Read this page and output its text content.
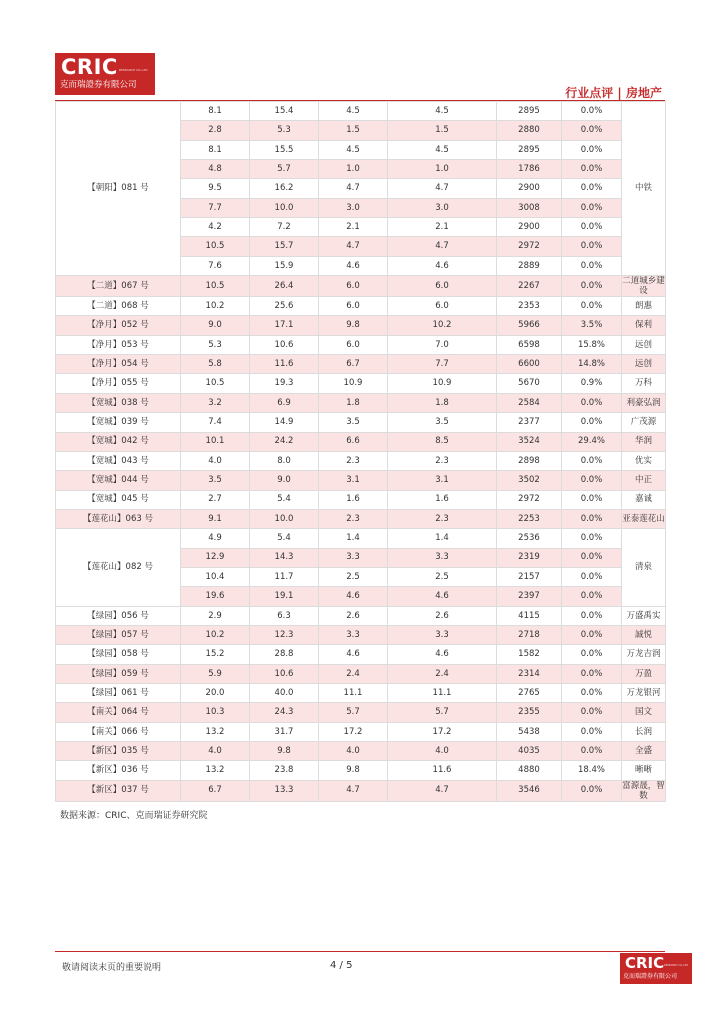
CRIC RESEARCH CO.,LTD
克而瑞證券有限公司
行业点评 | 房地产
【朝阳】081 号	8.1	15.4	4.5	4.5	2895	0.0%	中铁	
	2.8	5.3	1.5	1.5	2880	0.0%		
	8.1	15.5	4.5	4.5	2895	0.0%		
	4.8	5.7	1.0	1.0	1786	0.0%		
	9.5	16.2	4.7	4.7	2900	0.0%		
	7.7	10.0	3.0	3.0	3008	0.0%		
	4.2	7.2	2.1	2.1	2900	0.0%		
	10.5	15.7	4.7	4.7	2972	0.0%		
	7.6	15.9	4.6	4.6	2889	0.0%		
【二道】067 号	10.5	26.4	6.0	6.0	2267	0.0%	二道城乡建设	
【二道】068 号	10.2	25.6	6.0	6.0	2353	0.0%	朗惠	
【净月】052 号	9.0	17.1	9.8	10.2	5966	3.5%	保利	
【净月】053 号	5.3	10.6	6.0	7.0	6598	15.8%	远创	
【净月】054 号	5.8	11.6	6.7	7.7	6600	14.8%	远创	
【净月】055 号	10.5	19.3	10.9	10.9	5670	0.9%	万科	
【宽城】038 号	3.2	6.9	1.8	1.8	2584	0.0%	利豪弘润	
【宽城】039 号	7.4	14.9	3.5	3.5	2377	0.0%	广茂源	
【宽城】042 号	10.1	24.2	6.6	8.5	3524	29.4%	华润	
【宽城】043 号	4.0	8.0	2.3	2.3	2898	0.0%	优实	
【宽城】044 号	3.5	9.0	3.1	3.1	3502	0.0%	中正	
【宽城】045 号	2.7	5.4	1.6	1.6	2972	0.0%	嘉诚	
【莲花山】063 号	9.1	10.0	2.3	2.3	2253	0.0%	亚泰莲花山	
【莲花山】082 号	4.9	5.4	1.4	1.4	2536	0.0%	清泉	
	12.9	14.3	3.3	3.3	2319	0.0%		
	10.4	11.7	2.5	2.5	2157	0.0%		
	19.6	19.1	4.6	4.6	2397	0.0%		
【绿园】056 号	2.9	6.3	2.6	2.6	4115	0.0%	万盛禹实	
【绿园】057 号	10.2	12.3	3.3	3.3	2718	0.0%	誠悦	
【绿园】058 号	15.2	28.8	4.6	4.6	1582	0.0%	万龙吉润	
【绿园】059 号	5.9	10.6	2.4	2.4	2314	0.0%	万盈	
【绿园】061 号	20.0	40.0	11.1	11.1	2765	0.0%	万龙银河	
【南关】064 号	10.3	24.3	5.7	5.7	2355	0.0%	国文	
【南关】066 号	13.2	31.7	17.2	17.2	5438	0.0%	长润	
【新区】035 号	4.0	9.8	4.0	4.0	4035	0.0%	全盛	
【新区】036 号	13.2	23.8	9.8	11.6	4880	18.4%	晰晰	
【新区】037 号	6.7	13.3	4.7	4.7	3546	0.0%	富源晟，智数	
数据来源：CRIC、克而瑞证券研究院
敬请阅读末页的重要说明	4 / 5	CRIC RESEARCH CO.,LTD
克而瑞證券有限公司
